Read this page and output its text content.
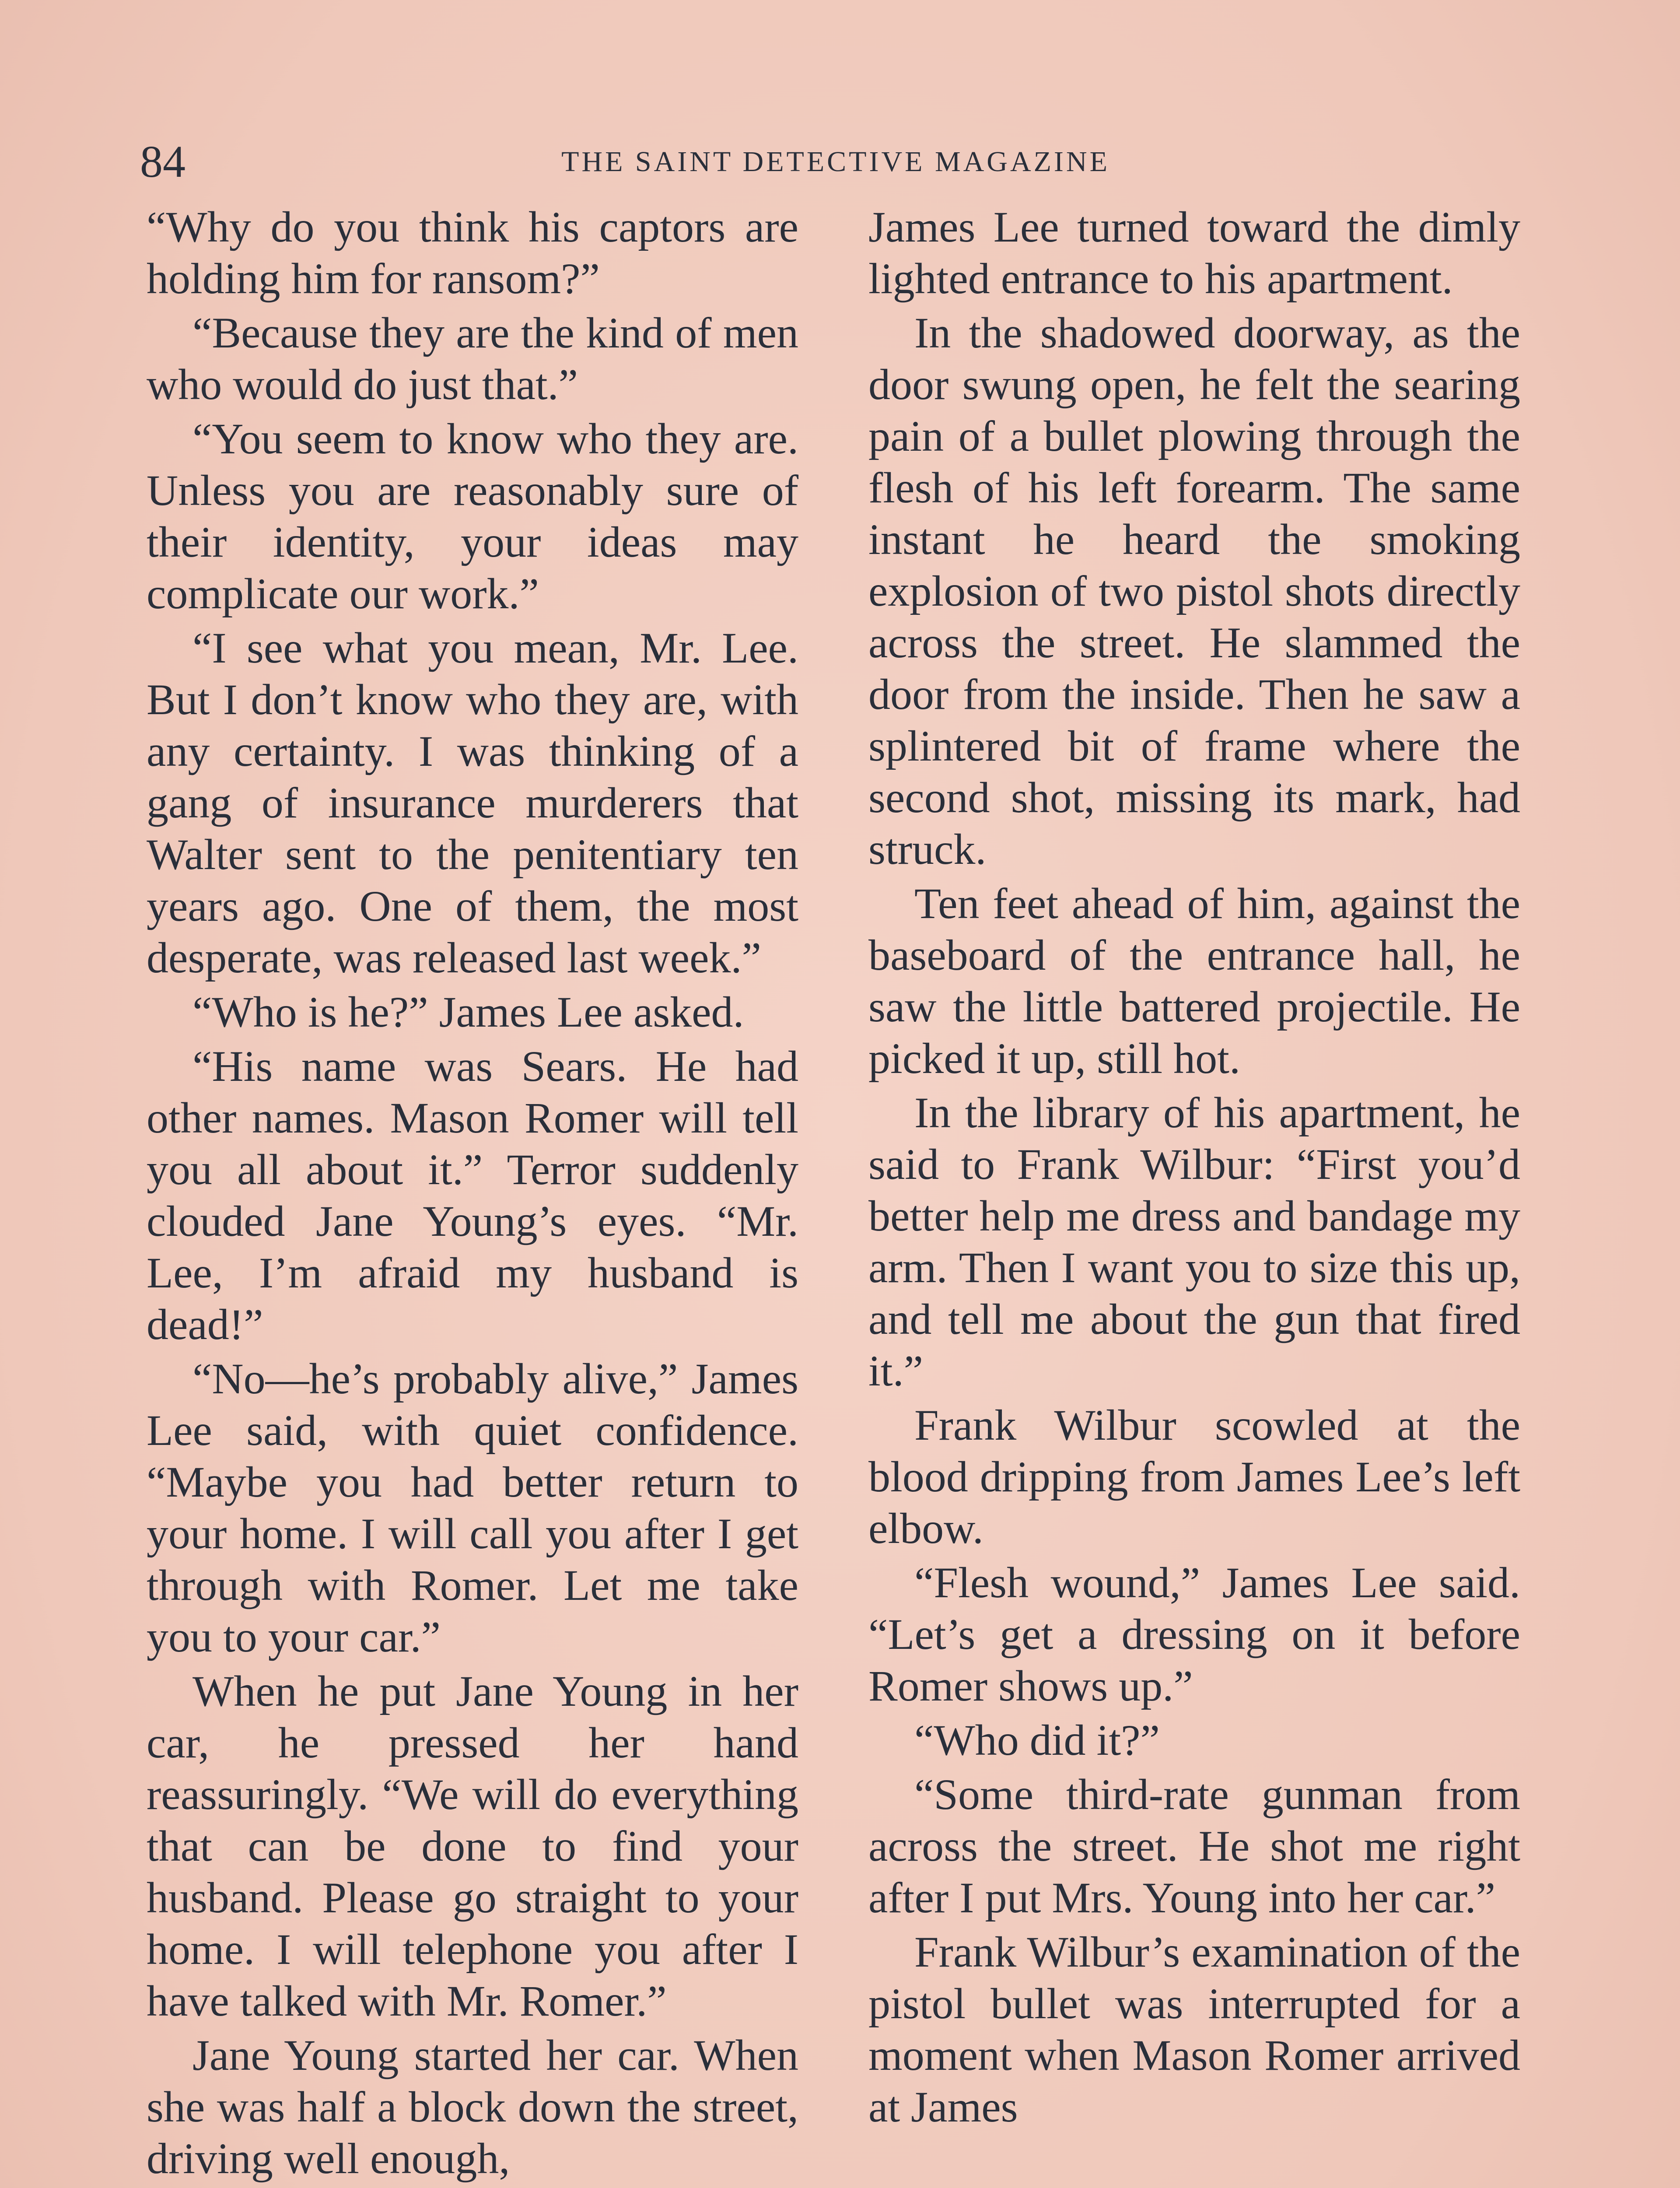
84	THE SAINT DETECTIVE MAGAZINE

“Why do you think his captors are holding him for ransom?”

“Because they are the kind of men who would do just that.”

“You seem to know who they are. Unless you are reasonably sure of their identity, your ideas may complicate our work.”

“I see what you mean, Mr. Lee. But I don’t know who they are, with any certainty. I was thinking of a gang of insurance murderers that Walter sent to the penitentiary ten years ago. One of them, the most desperate, was released last week.”

“Who is he?” James Lee asked.

“His name was Sears. He had other names. Mason Romer will tell you all about it.” Terror suddenly clouded Jane Young’s eyes. “Mr. Lee, I’m afraid my husband is dead!”

“No—he’s probably alive,” James Lee said, with quiet confidence. “Maybe you had better return to your home. I will call you after I get through with Romer. Let me take you to your car.”

When he put Jane Young in her car, he pressed her hand reassuringly. “We will do everything that can be done to find your husband. Please go straight to your home. I will telephone you after I have talked with Mr. Romer.”

Jane Young started her car. When she was half a block down the street, driving well enough,

James Lee turned toward the dimly lighted entrance to his apartment.

In the shadowed doorway, as the door swung open, he felt the searing pain of a bullet plowing through the flesh of his left forearm. The same instant he heard the smoking explosion of two pistol shots directly across the street. He slammed the door from the inside. Then he saw a splintered bit of frame where the second shot, missing its mark, had struck.

Ten feet ahead of him, against the baseboard of the entrance hall, he saw the little battered projectile. He picked it up, still hot.

In the library of his apartment, he said to Frank Wilbur: “First you’d better help me dress and bandage my arm. Then I want you to size this up, and tell me about the gun that fired it.”

Frank Wilbur scowled at the blood dripping from James Lee’s left elbow.

“Flesh wound,” James Lee said. “Let’s get a dressing on it before Romer shows up.”

“Who did it?”

“Some third-rate gunman from across the street. He shot me right after I put Mrs. Young into her car.”

Frank Wilbur’s examination of the pistol bullet was interrupted for a moment when Mason Romer arrived at James
